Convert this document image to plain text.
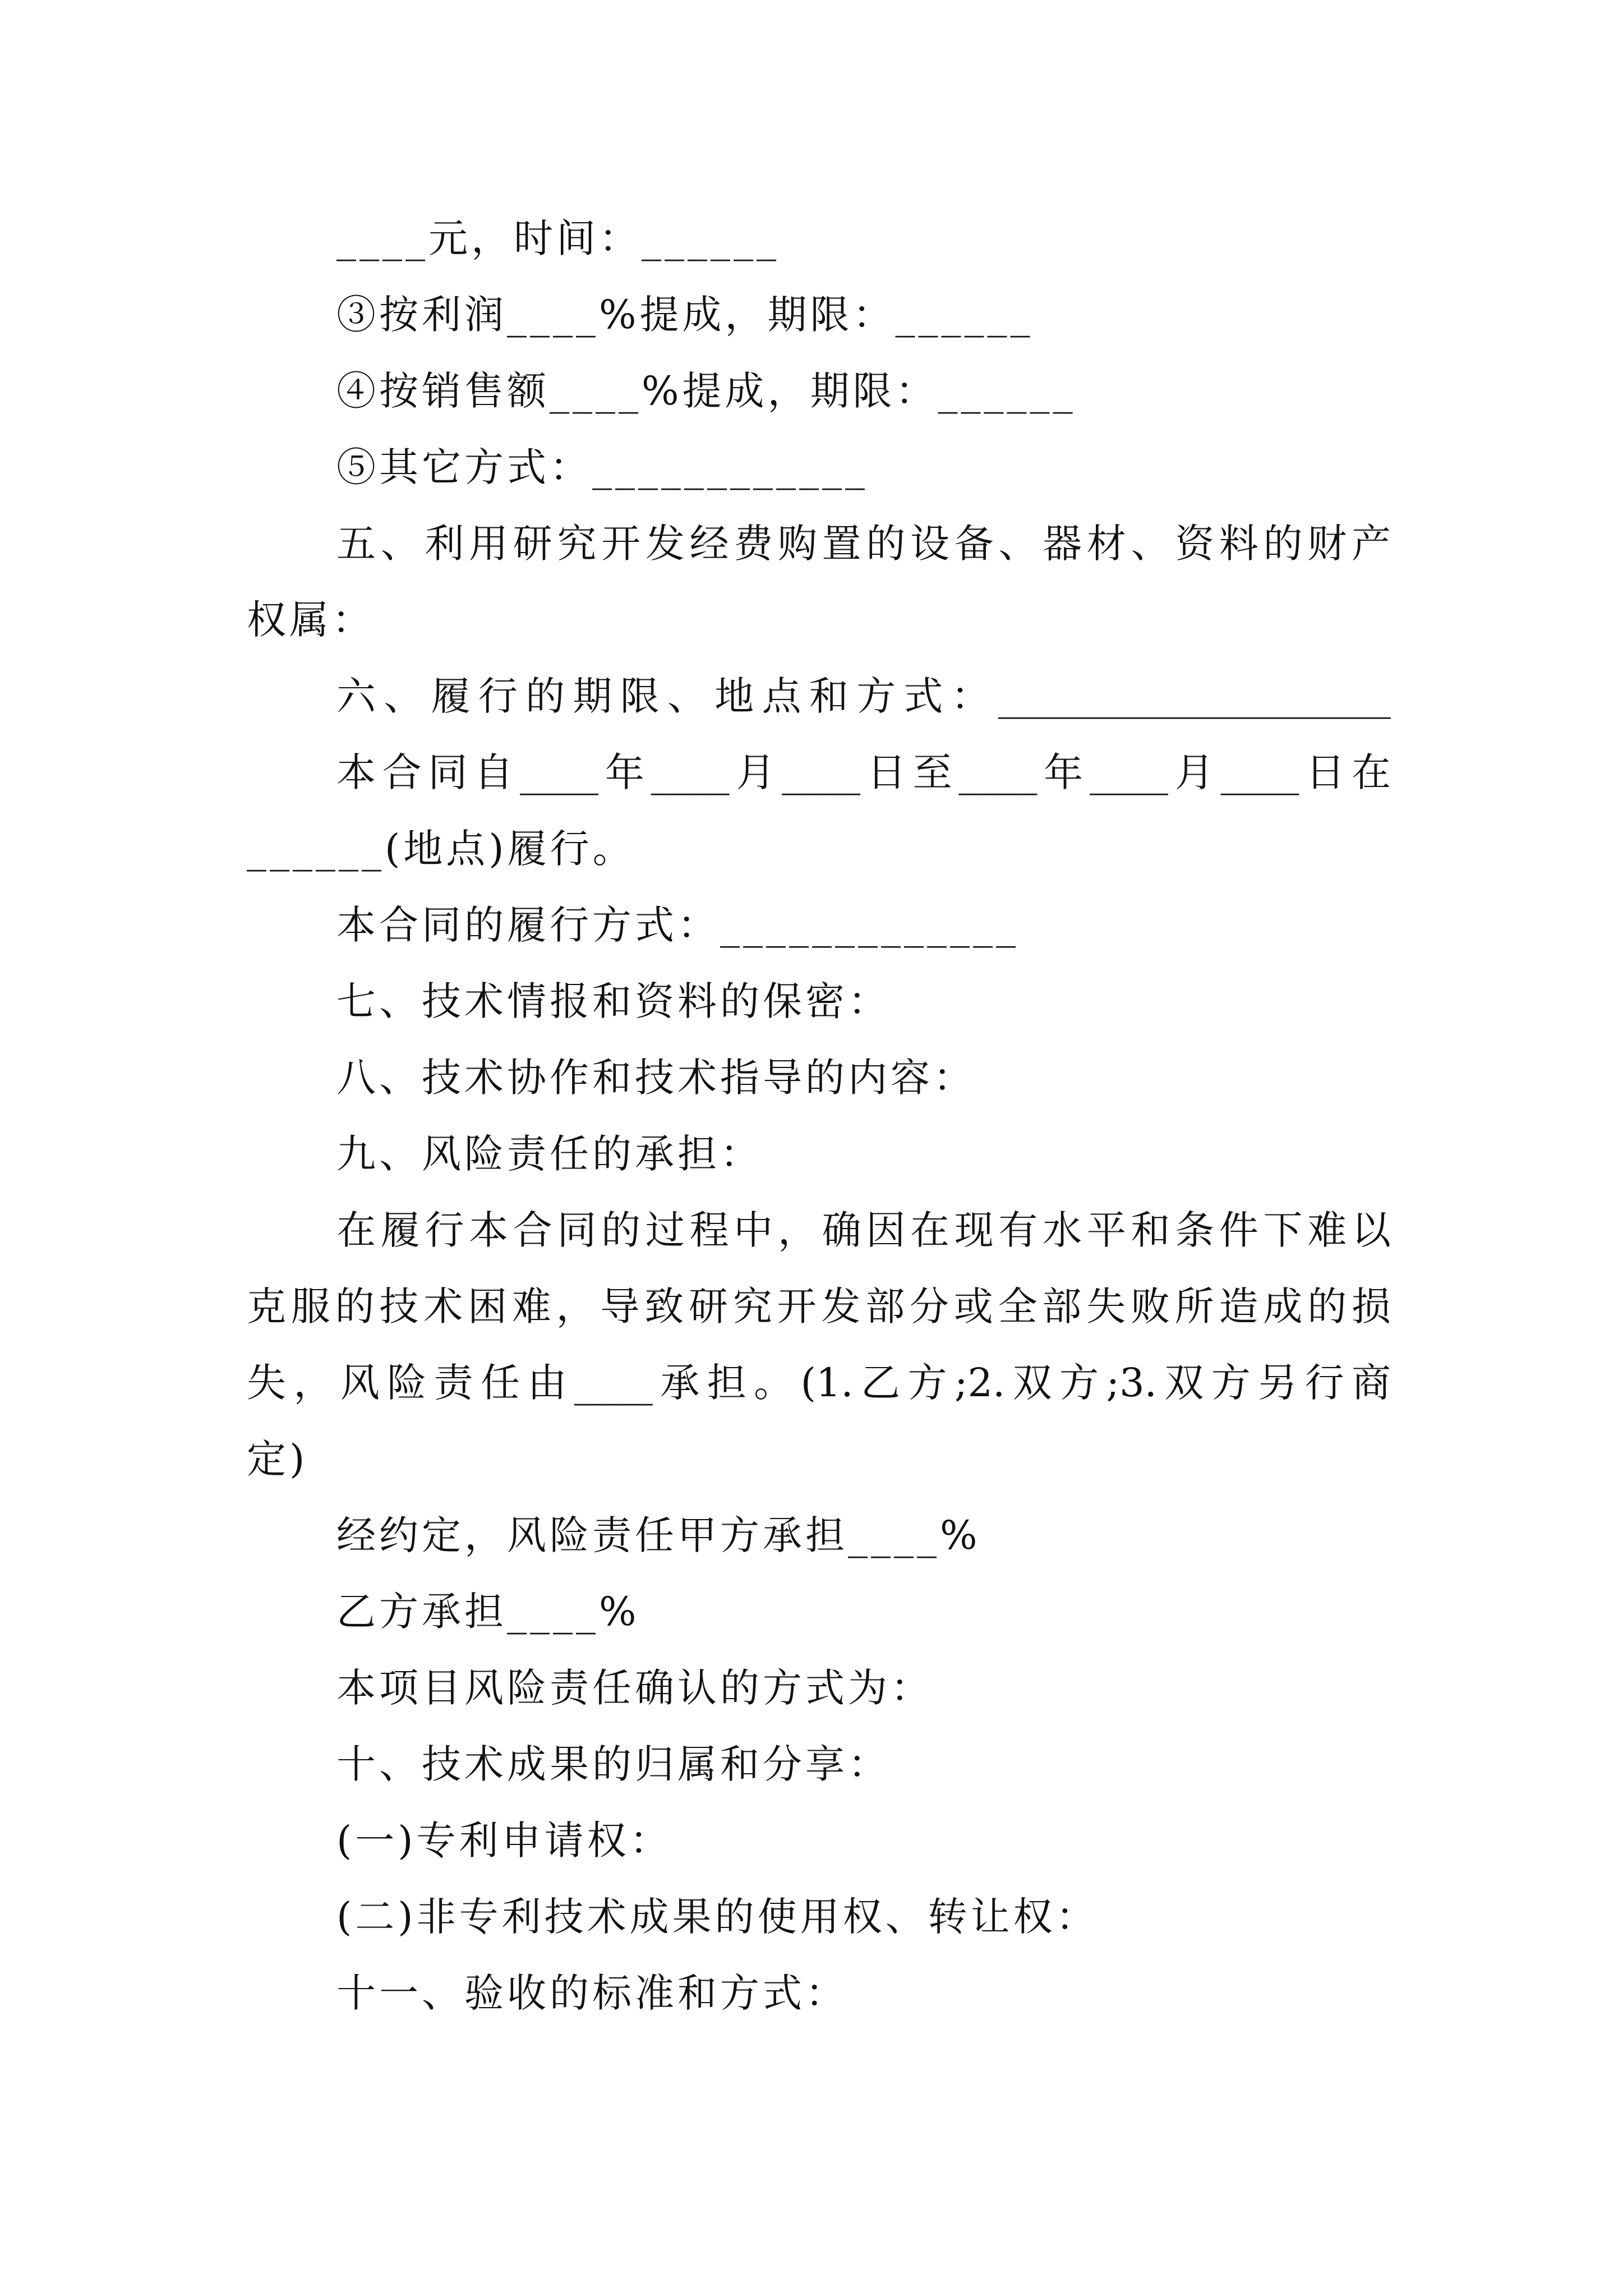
____元，时间：______
③按利润____%提成，期限：______
④按销售额____%提成，期限：______
⑤其它方式：____________
五、利用研究开发经费购置的设备、器材、资料的财产
权属：
六、履行的期限、地点和方式：____________________
本合同自____年____月____日至____年____月____日在
______(地点)履行。
本合同的履行方式：_____________
七、技术情报和资料的保密：
八、技术协作和技术指导的内容：
九、风险责任的承担：
在履行本合同的过程中，确因在现有水平和条件下难以
克服的技术困难，导致研究开发部分或全部失败所造成的损
失，风险责任由____承担。(1.乙方;2.双方;3.双方另行商
定)
经约定，风险责任甲方承担____%
乙方承担____%
本项目风险责任确认的方式为：
十、技术成果的归属和分享：
(一)专利申请权：
(二)非专利技术成果的使用权、转让权：
十一、验收的标准和方式：
